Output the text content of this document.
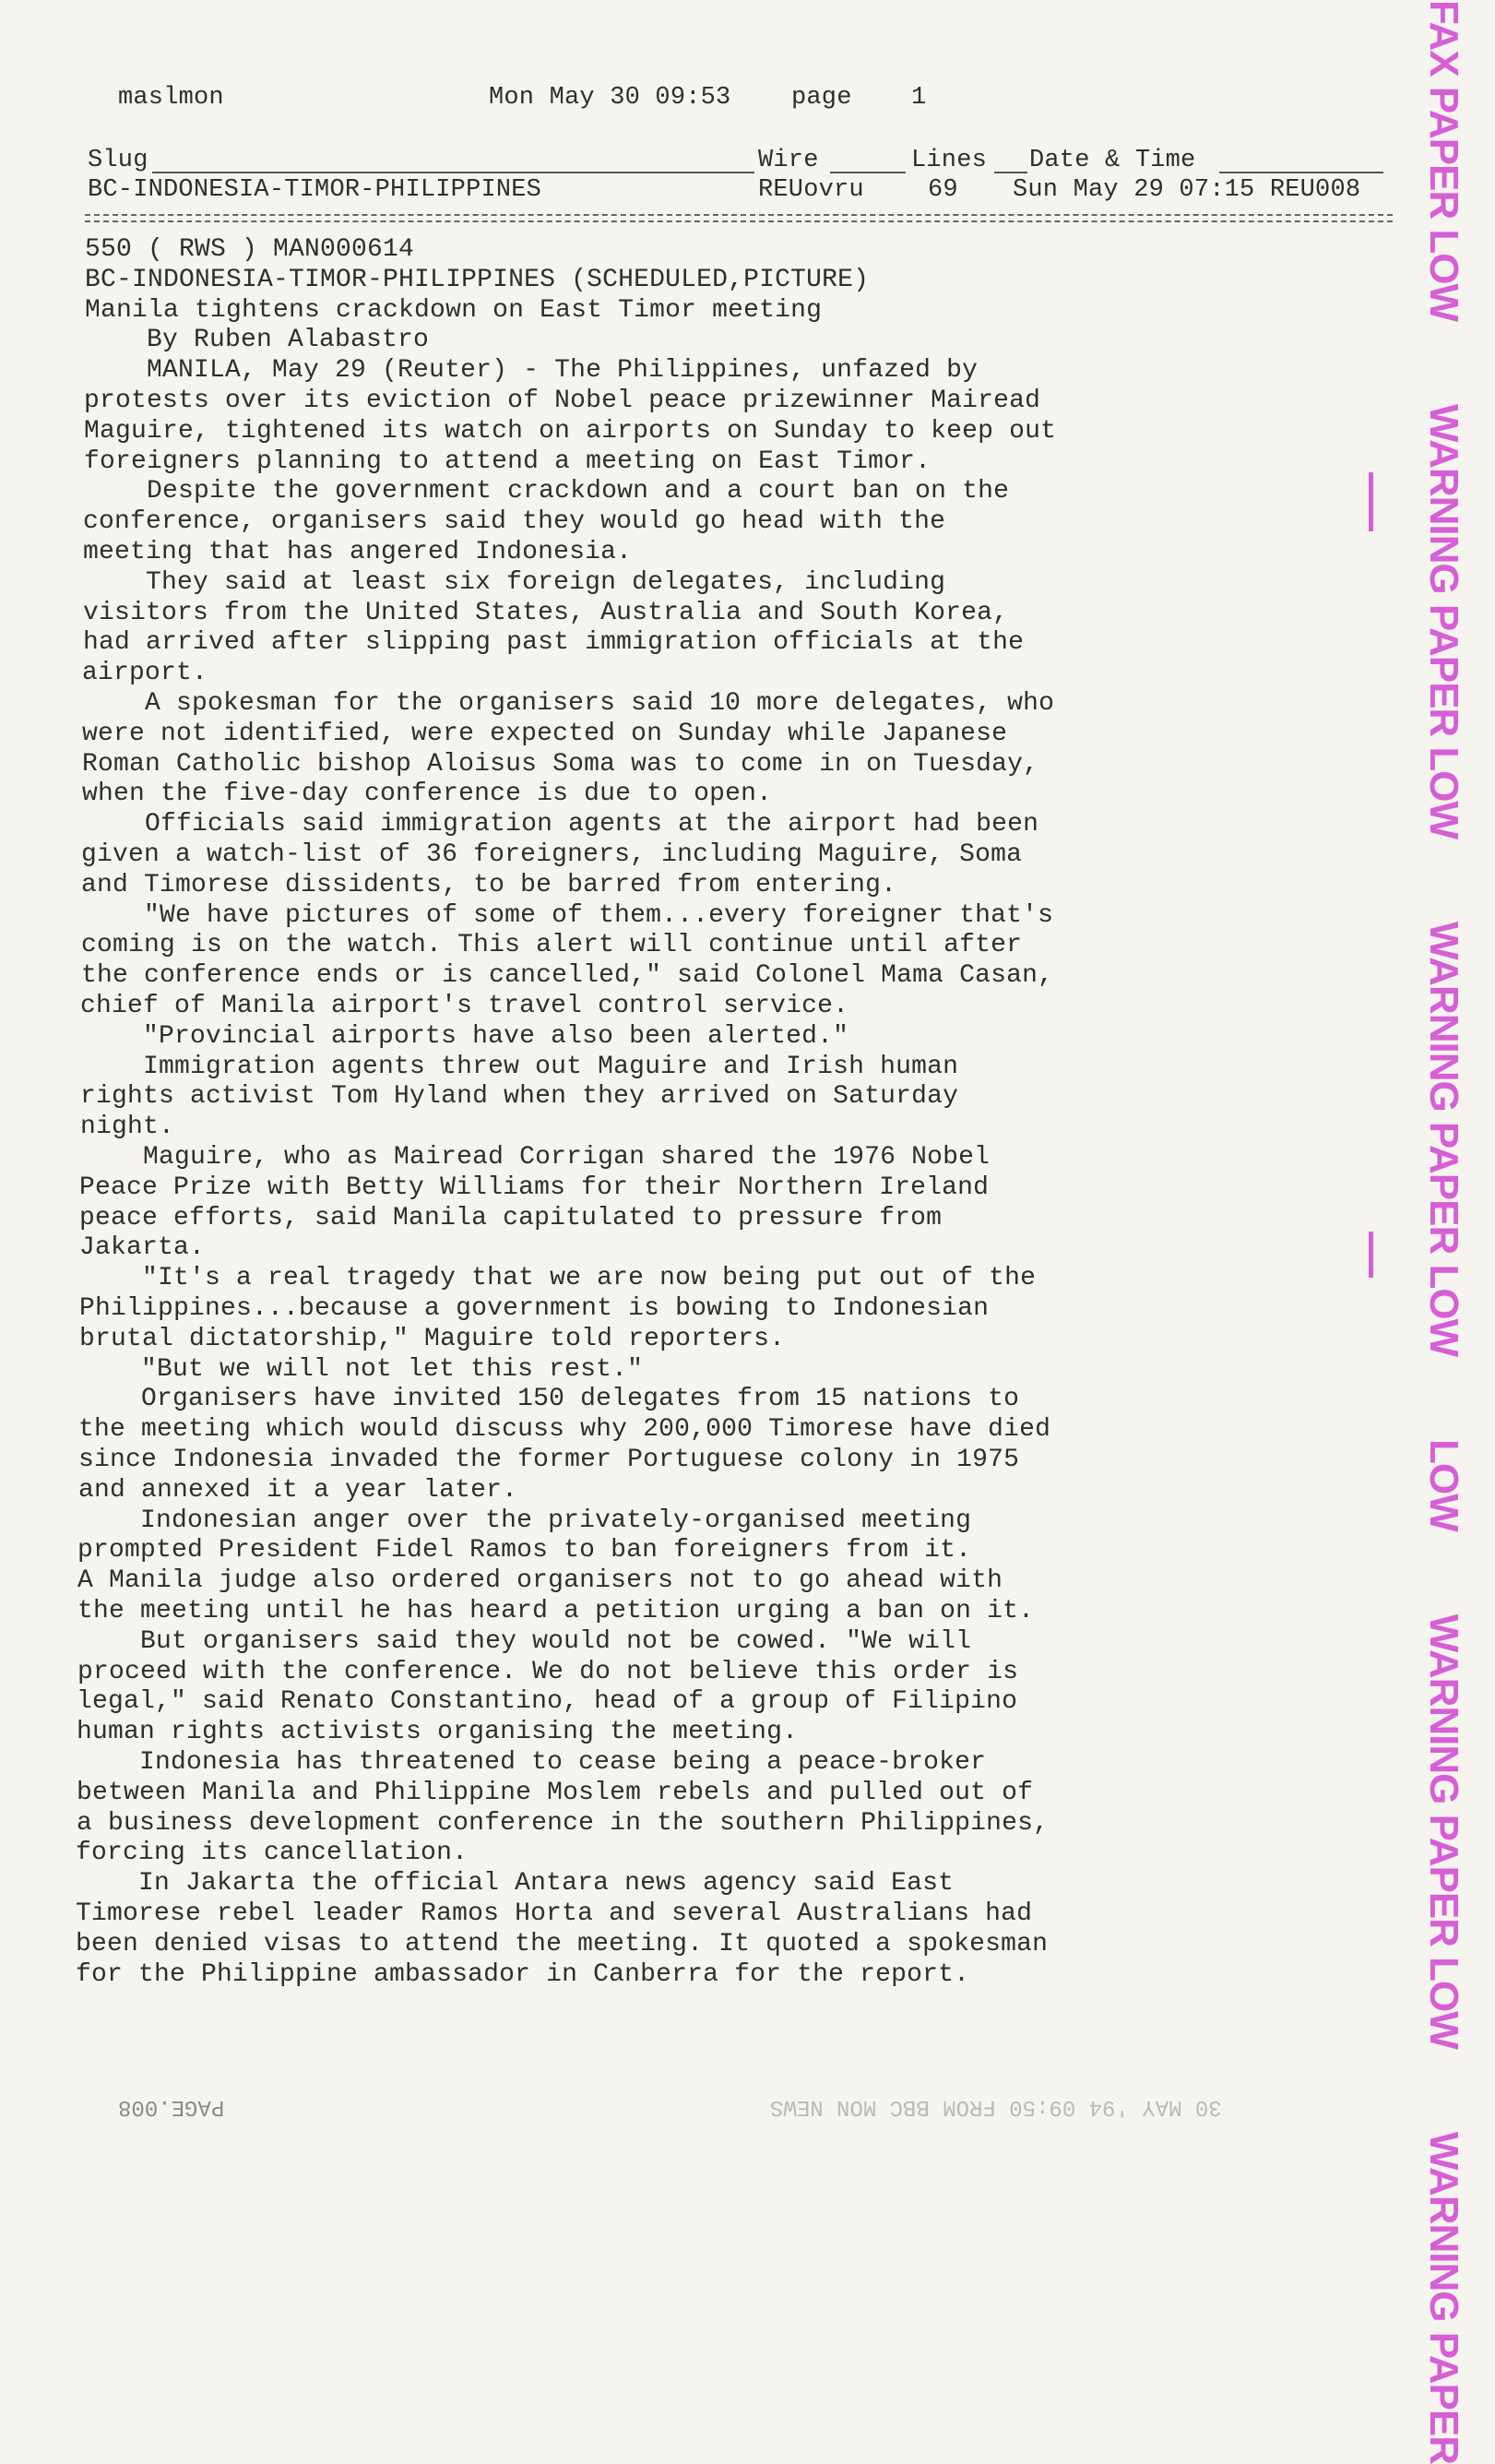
maslmon	Mon May 30 09:53 page 1
Slug	Wire	Lines Date & Time
BC-INDONESIA-TIMOR-PHILIPPINES	REUovru	69 Sun May 29 07:15 REU008
550 ( RWS ) MAN000614
BC-INDONESIA-TIMOR-PHILIPPINES (SCHEDULED,PICTURE)
Manila tightens crackdown on East Timor meeting
By Ruben Alabastro
MANILA, May 29 (Reuter) - The Philippines, unfazed by
protests over its eviction of Nobel peace prizewinner Mairead
Maguire, tightened its watch on airports on Sunday to keep out
foreigners planning to attend a meeting on East Timor.
Despite the government crackdown and a court ban on the
conference, organisers said they would go head with the
meeting that has angered Indonesia.
They said at least six foreign delegates, including
visitors from the United States, Australia and South Korea,
had arrived after slipping past immigration officials at the
airport.
A spokesman for the organisers said 10 more delegates, who
were not identified, were expected on Sunday while Japanese
Roman Catholic bishop Aloisus Soma was to come in on Tuesday,
when the five-day conference is due to open.
Officials said immigration agents at the airport had been
given a watch-list of 36 foreigners, including Maguire, Soma
and Timorese dissidents, to be barred from entering.
"We have pictures of some of them...every foreigner that's
coming is on the watch. This alert will continue until after
the conference ends or is cancelled," said Colonel Mama Casan,
chief of Manila airport's travel control service.
"Provincial airports have also been alerted."
Immigration agents threw out Maguire and Irish human
rights activist Tom Hyland when they arrived on Saturday
night.
Maguire, who as Mairead Corrigan shared the 1976 Nobel
Peace Prize with Betty Williams for their Northern Ireland
peace efforts, said Manila capitulated to pressure from
Jakarta.
"It's a real tragedy that we are now being put out of the
Philippines...because a government is bowing to Indonesian
brutal dictatorship," Maguire told reporters.
"But we will not let this rest."
Organisers have invited 150 delegates from 15 nations to
the meeting which would discuss why 200,000 Timorese have died
since Indonesia invaded the former Portuguese colony in 1975
and annexed it a year later.
Indonesian anger over the privately-organised meeting
prompted President Fidel Ramos to ban foreigners from it.
A Manila judge also ordered organisers not to go ahead with
the meeting until he has heard a petition urging a ban on it.
But organisers said they would not be cowed. "We will
proceed with the conference. We do not believe this order is
legal," said Renato Constantino, head of a group of Filipino
human rights activists organising the meeting.
Indonesia has threatened to cease being a peace-broker
between Manila and Philippine Moslem rebels and pulled out of
a business development conference in the southern Philippines,
forcing its cancellation.
In Jakarta the official Antara news agency said East
Timorese rebel leader Ramos Horta and several Australians had
been denied visas to attend the meeting. It quoted a spokesman
for the Philippine ambassador in Canberra for the report.
FAX PAPER LOW
WARNING PAPER LOW
WARNING PAPER LOW
LOW
WARNING PAPER LOW
WARNING PAPER
PAGE.008	30 MAY '94 09:50 FROM BBC MON NEWS
